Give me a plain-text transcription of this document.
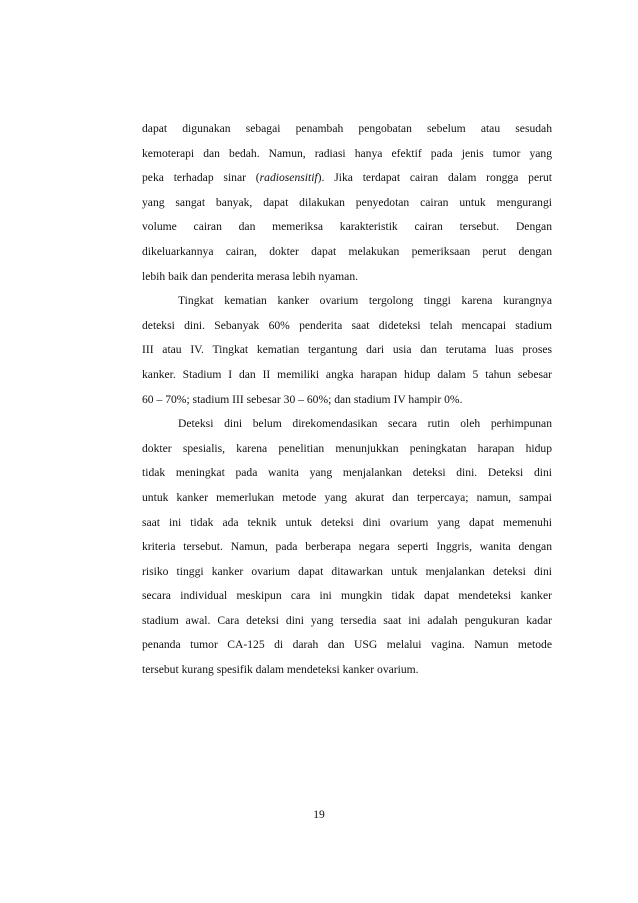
dapat digunakan sebagai penambah pengobatan sebelum atau sesudah
kemoterapi dan bedah. Namun, radiasi hanya efektif pada jenis tumor yang
peka terhadap sinar (radiosensitif). Jika terdapat cairan dalam rongga perut
yang sangat banyak, dapat dilakukan penyedotan cairan untuk mengurangi
volume cairan dan memeriksa karakteristik cairan tersebut. Dengan
dikeluarkannya cairan, dokter dapat melakukan pemeriksaan perut dengan
lebih baik dan penderita merasa lebih nyaman.
Tingkat kematian kanker ovarium tergolong tinggi karena kurangnya
deteksi dini. Sebanyak 60% penderita saat dideteksi telah mencapai stadium
III atau IV. Tingkat kematian tergantung dari usia dan terutama luas proses
kanker. Stadium I dan II memiliki angka harapan hidup dalam 5 tahun sebesar
60 – 70%; stadium III sebesar 30 – 60%; dan stadium IV hampir 0%.
Deteksi dini belum direkomendasikan secara rutin oleh perhimpunan
dokter spesialis, karena penelitian menunjukkan peningkatan harapan hidup
tidak meningkat pada wanita yang menjalankan deteksi dini. Deteksi dini
untuk kanker memerlukan metode yang akurat dan terpercaya; namun, sampai
saat ini tidak ada teknik untuk deteksi dini ovarium yang dapat memenuhi
kriteria tersebut. Namun, pada berberapa negara seperti Inggris, wanita dengan
risiko tinggi kanker ovarium dapat ditawarkan untuk menjalankan deteksi dini
secara individual meskipun cara ini mungkin tidak dapat mendeteksi kanker
stadium awal. Cara deteksi dini yang tersedia saat ini adalah pengukuran kadar
penanda tumor CA-125 di darah dan USG melalui vagina. Namun metode
tersebut kurang spesifik dalam mendeteksi kanker ovarium.
19
